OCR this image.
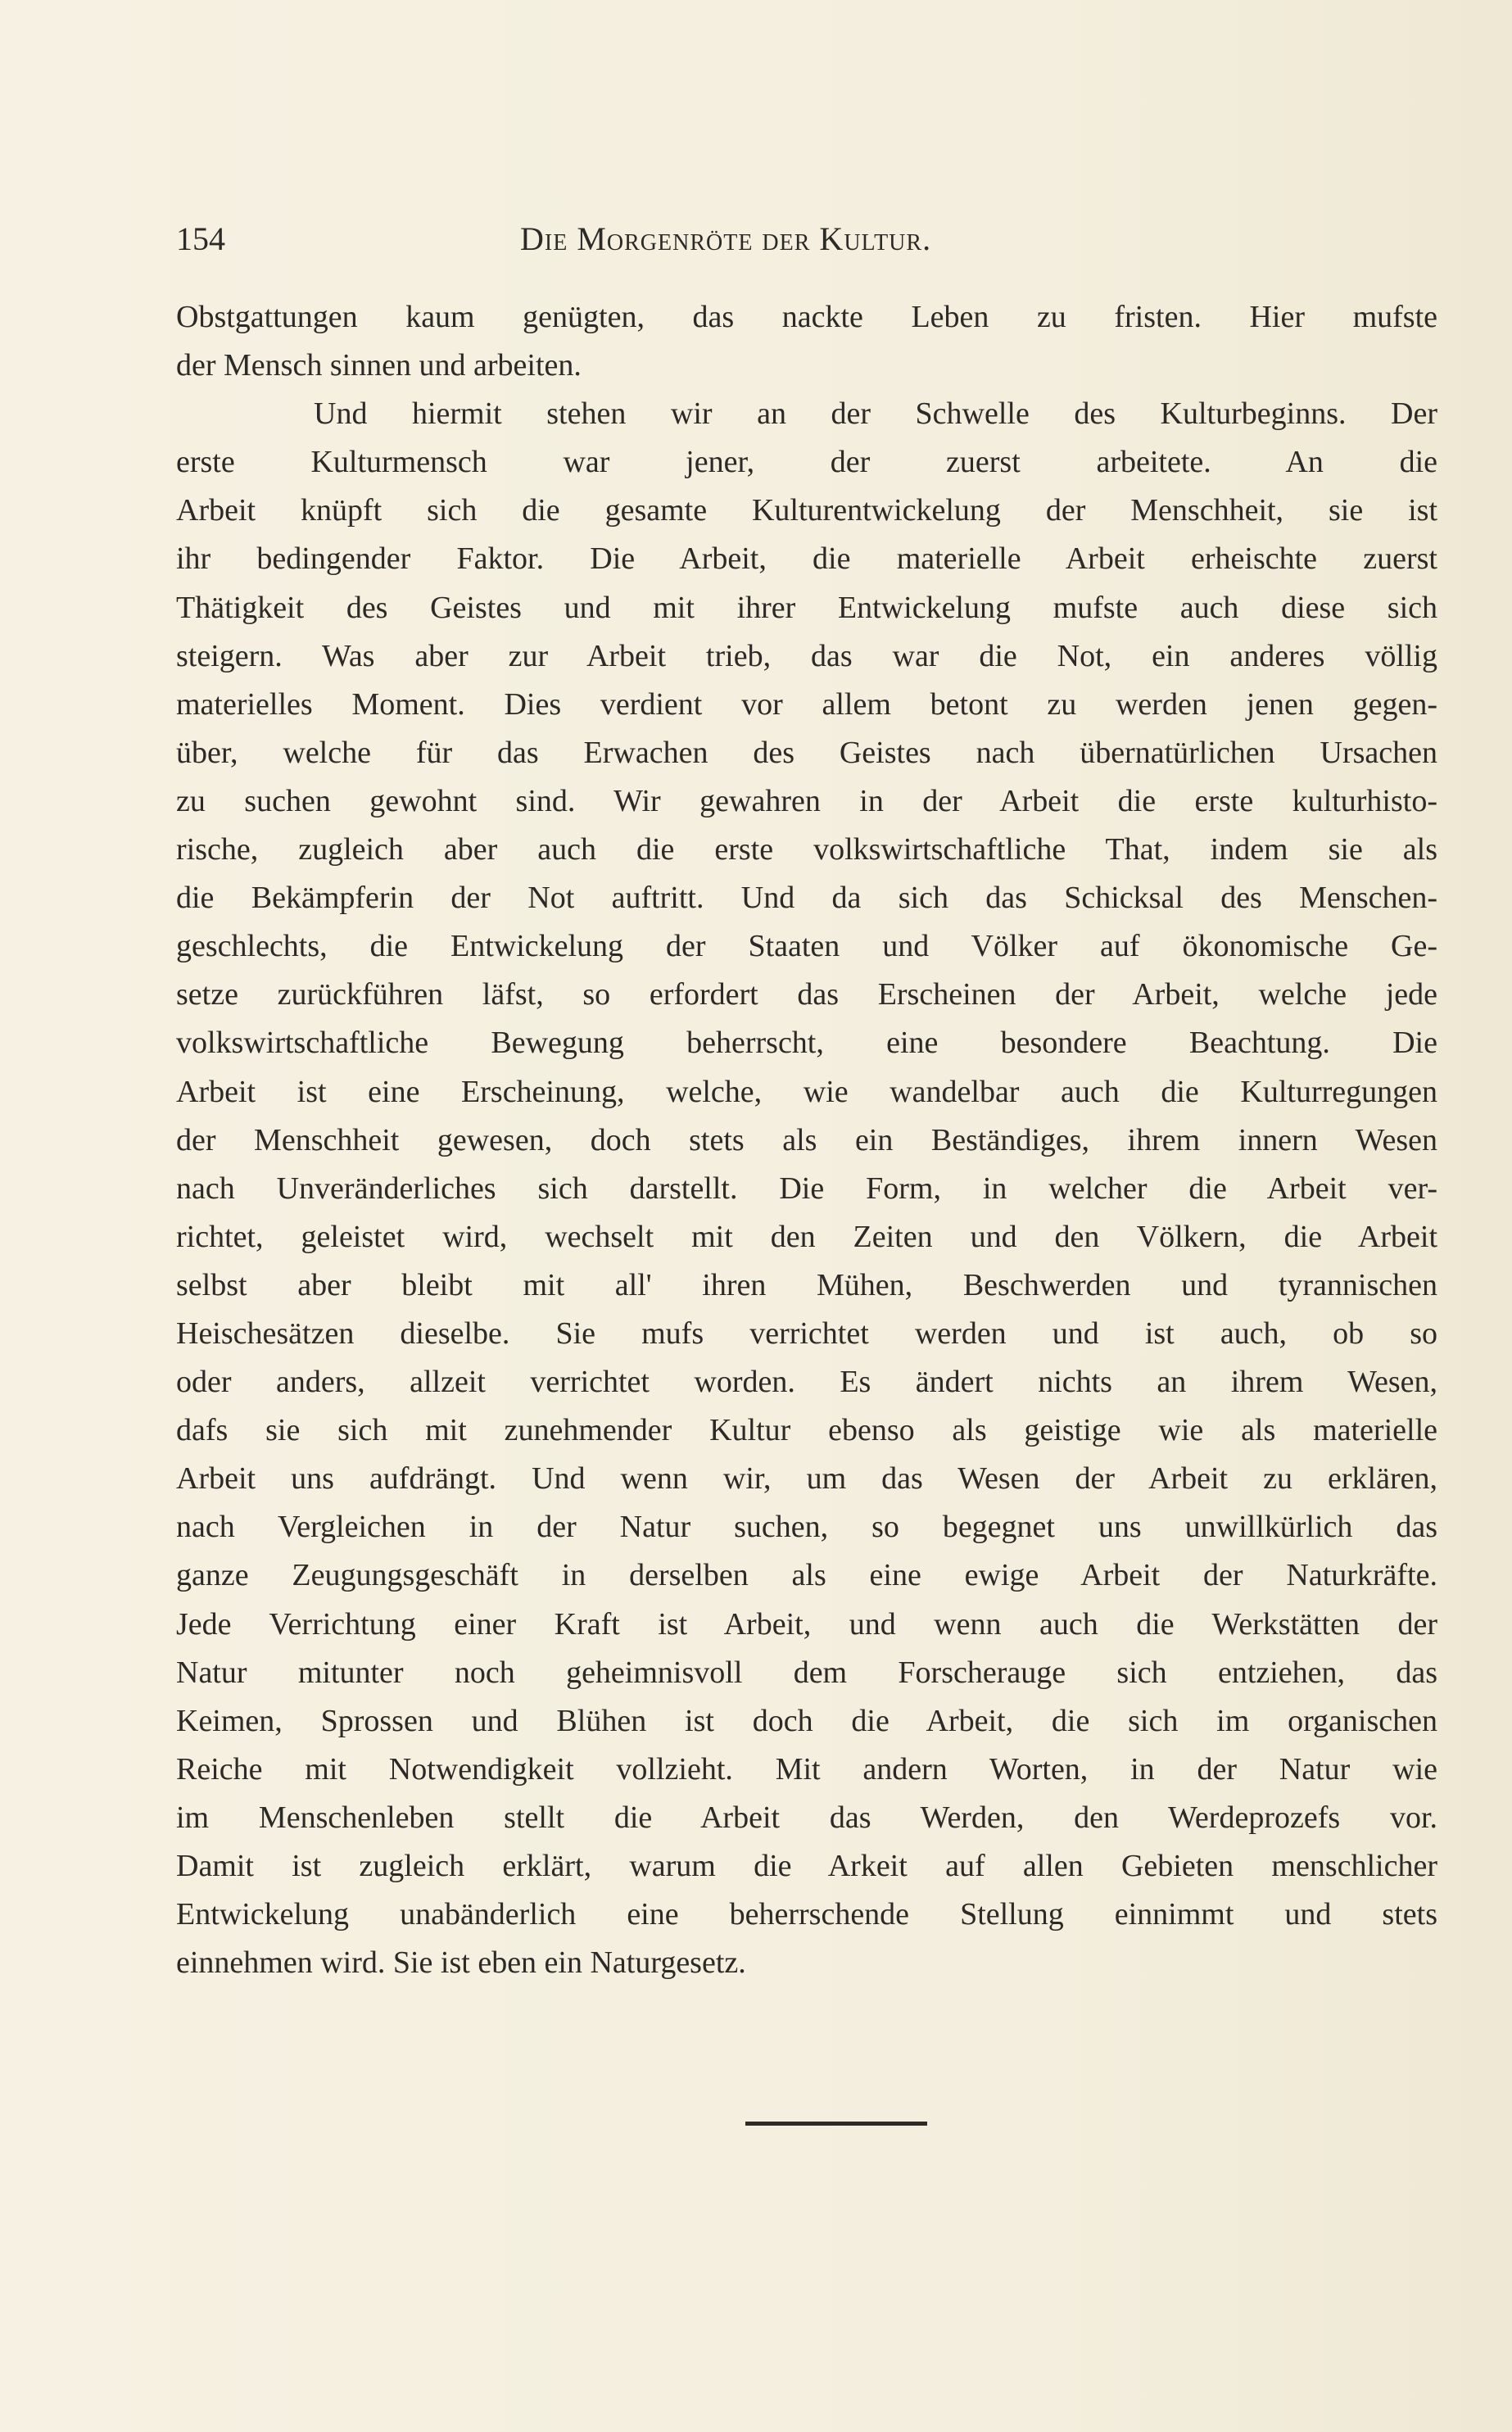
154	Die Morgenröte der Kultur.
Obstgattungen kaum genügten, das nackte Leben zu fristen. Hier mufste
der Mensch sinnen und arbeiten.
Und hiermit stehen wir an der Schwelle des Kulturbeginns. Der
erste Kulturmensch war jener, der zuerst arbeitete. An die
Arbeit knüpft sich die gesamte Kulturentwickelung der Menschheit, sie ist
ihr bedingender Faktor. Die Arbeit, die materielle Arbeit erheischte zuerst
Thätigkeit des Geistes und mit ihrer Entwickelung mufste auch diese sich
steigern. Was aber zur Arbeit trieb, das war die Not, ein anderes völlig
materielles Moment. Dies verdient vor allem betont zu werden jenen gegen-
über, welche für das Erwachen des Geistes nach übernatürlichen Ursachen
zu suchen gewohnt sind. Wir gewahren in der Arbeit die erste kulturhisto-
rische, zugleich aber auch die erste volkswirtschaftliche That, indem sie als
die Bekämpferin der Not auftritt. Und da sich das Schicksal des Menschen-
geschlechts, die Entwickelung der Staaten und Völker auf ökonomische Ge-
setze zurückführen läfst, so erfordert das Erscheinen der Arbeit, welche jede
volkswirtschaftliche Bewegung beherrscht, eine besondere Beachtung. Die
Arbeit ist eine Erscheinung, welche, wie wandelbar auch die Kulturregungen
der Menschheit gewesen, doch stets als ein Beständiges, ihrem innern Wesen
nach Unveränderliches sich darstellt. Die Form, in welcher die Arbeit ver-
richtet, geleistet wird, wechselt mit den Zeiten und den Völkern, die Arbeit
selbst aber bleibt mit all' ihren Mühen, Beschwerden und tyrannischen
Heischesätzen dieselbe. Sie mufs verrichtet werden und ist auch, ob so
oder anders, allzeit verrichtet worden. Es ändert nichts an ihrem Wesen,
dafs sie sich mit zunehmender Kultur ebenso als geistige wie als materielle
Arbeit uns aufdrängt. Und wenn wir, um das Wesen der Arbeit zu erklären,
nach Vergleichen in der Natur suchen, so begegnet uns unwillkürlich das
ganze Zeugungsgeschäft in derselben als eine ewige Arbeit der Naturkräfte.
Jede Verrichtung einer Kraft ist Arbeit, und wenn auch die Werkstätten der
Natur mitunter noch geheimnisvoll dem Forscherauge sich entziehen, das
Keimen, Sprossen und Blühen ist doch die Arbeit, die sich im organischen
Reiche mit Notwendigkeit vollzieht. Mit andern Worten, in der Natur wie
im Menschenleben stellt die Arbeit das Werden, den Werdeprozefs vor.
Damit ist zugleich erklärt, warum die Arkeit auf allen Gebieten menschlicher
Entwickelung unabänderlich eine beherrschende Stellung einnimmt und stets
einnehmen wird. Sie ist eben ein Naturgesetz.
